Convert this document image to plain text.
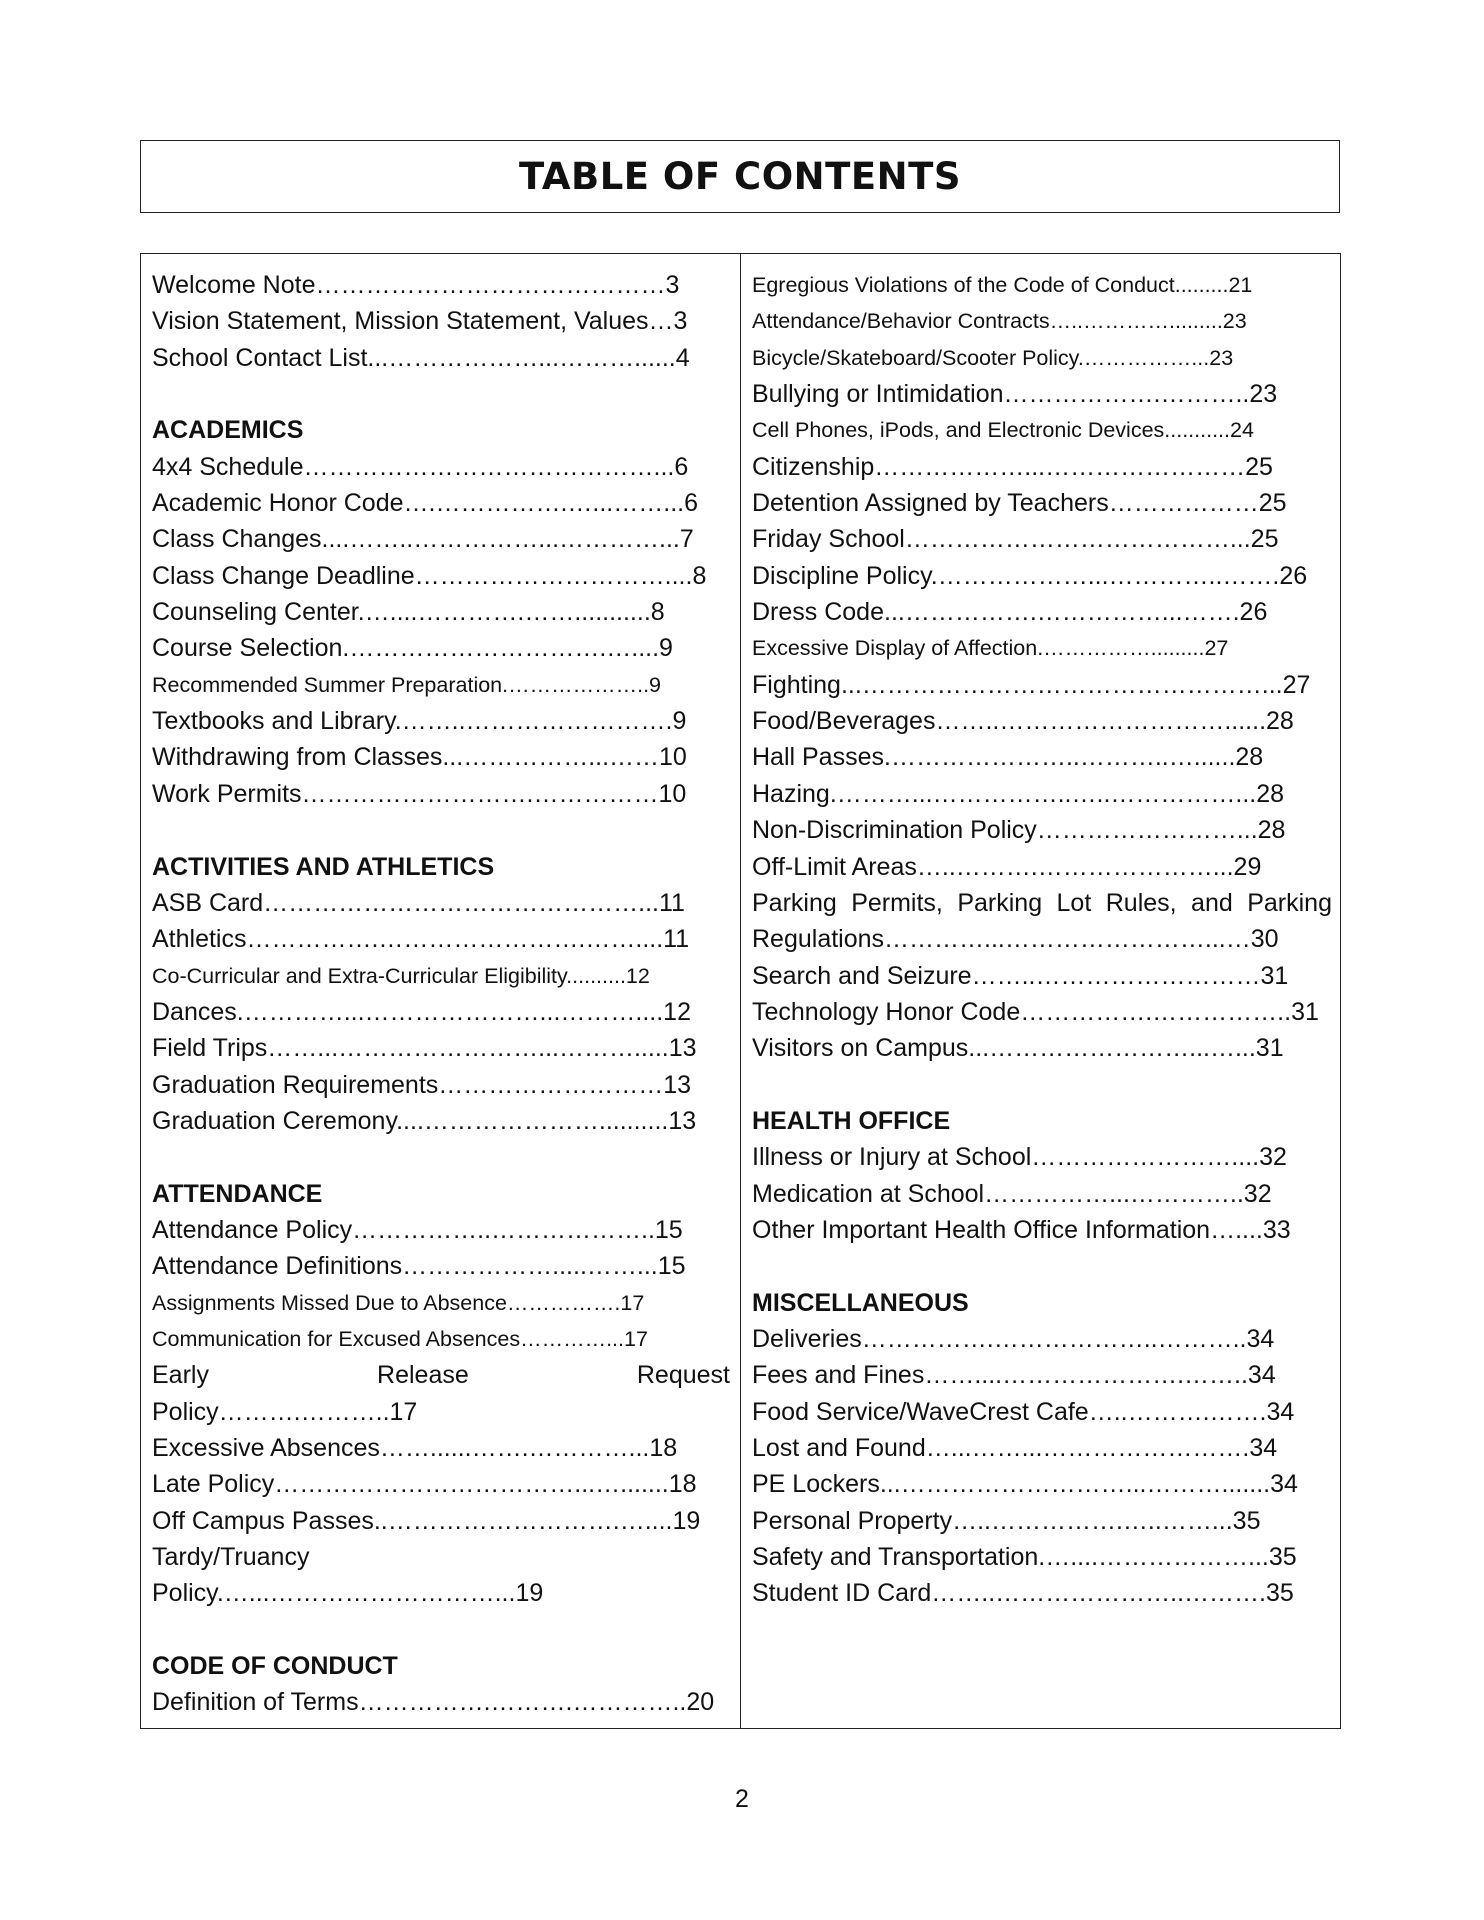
TABLE OF CONTENTS
Welcome Note……………………………………3
Vision Statement, Mission Statement, Values…3
School Contact List...………………...………......4
ACADEMICS
4x4 Schedule……………………………………...6
Academic Honor Code….…………….…...……...6
Class Changes....……..……………...…………...7
Class Change Deadline…………………………....8
Counseling Center.…....………….……...........8
Course Selection.………………………….…....9
Recommended Summer Preparation.………………..9
Textbooks and Library.……..…………………….9
Withdrawing from Classes...……………...……10
Work Permits……………………….……………10
ACTIVITIES AND ATHLETICS
ASB Card………………………………………...11
Athletics…………….…………………….……....11
Co-Curricular and Extra-Curricular Eligibility..........12
Dances.…………...…………………...………....12
Field Trips……...……………………...……….....13
Graduation Requirements………………………13
Graduation Ceremony....…………………..........13
ATTENDANCE
Attendance Policy……………..………………..15
Attendance Definitions……………….....……...15
Assignments Missed Due to Absence…………….17
Communication for Excused Absences…………...17
Early	Release	Request
Policy……….………..17
Excessive Absences……......…….…………...18
Late Policy………………………………...….......18
Off Campus Passes..……………………….…....19
Tardy/Truancy
Policy.…...………………………...19
CODE OF CONDUCT
Definition of Terms…………….……….…………..20
Egregious Violations of the Code of Conduct.........21
Attendance/Behavior Contracts…..………….........23
Bicycle/Skateboard/Scooter Policy.……………...23
Bullying or Intimidation……………….………..23
Cell Phones, iPods, and Electronic Devices...........24
Citizenship………………...……………………25
Detention Assigned by Teachers………………25
Friday School…………………………………...25
Discipline Policy.………………...…………..…….26
Dress Code...…………….……………...…….26
Excessive Display of Affection.…………….........27
Fighting...…………………………………………...27
Food/Beverages……..………………………......28
Hall Passes.…………………..………..…......28
Hazing.………...……………..…..……………...28
Non-Discrimination Policy……………………...28
Off-Limit Areas…..……….…………………...29
Parking Permits, Parking Lot Rules, and Parking
Regulations…………...……………………...…30
Search and Seizure……..………………………31
Technology Honor Code…………….……………..31
Visitors on Campus...……………………...…...31
HEALTH OFFICE
Illness or Injury at School……………………....32
Medication at School……………...…………..32
Other Important Health Office Information…....33
MISCELLANEOUS
Deliveries…………….………………..………..34
Fees and Fines……....………………….……..34
Food Service/WaveCrest Cafe…..……….…….34
Lost and Found…...……...…………………….34
PE Lockers...………………………...……….......34
Personal Property…..…………….…..……...35
Safety and Transportation.…....………………...35
Student ID Card……..…………………..……….35
2
